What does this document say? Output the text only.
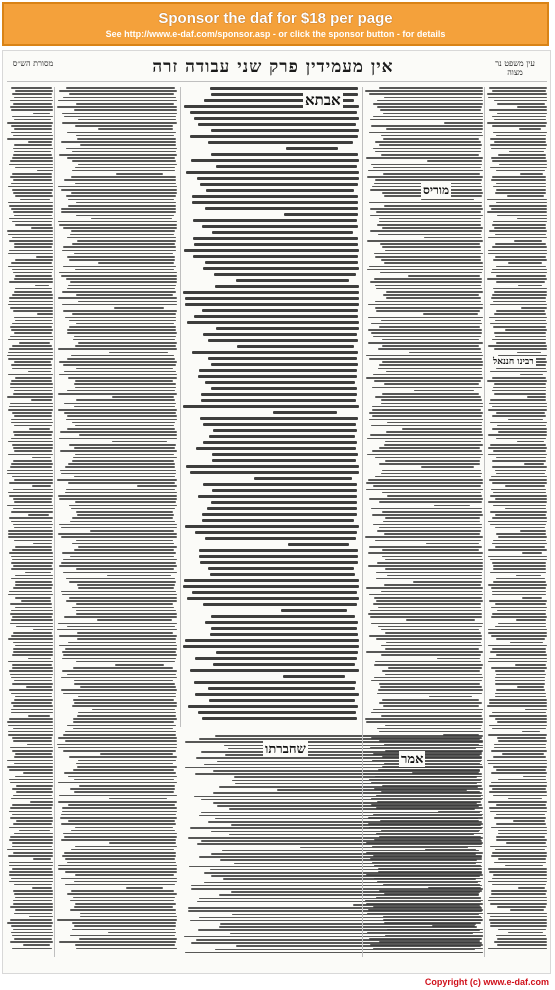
Sponsor the daf for $18 per page
See http://www.e-daf.com/sponsor.asp - or click the sponsor button - for details
אין מעמידין פרק שני עבודה זרה
מסורת הש״ס	עין משפט נר מצוה
אבתא
מוריס
אמר
שחברתו
רבינו חננאל
Copyright (c) www.e-daf.com
